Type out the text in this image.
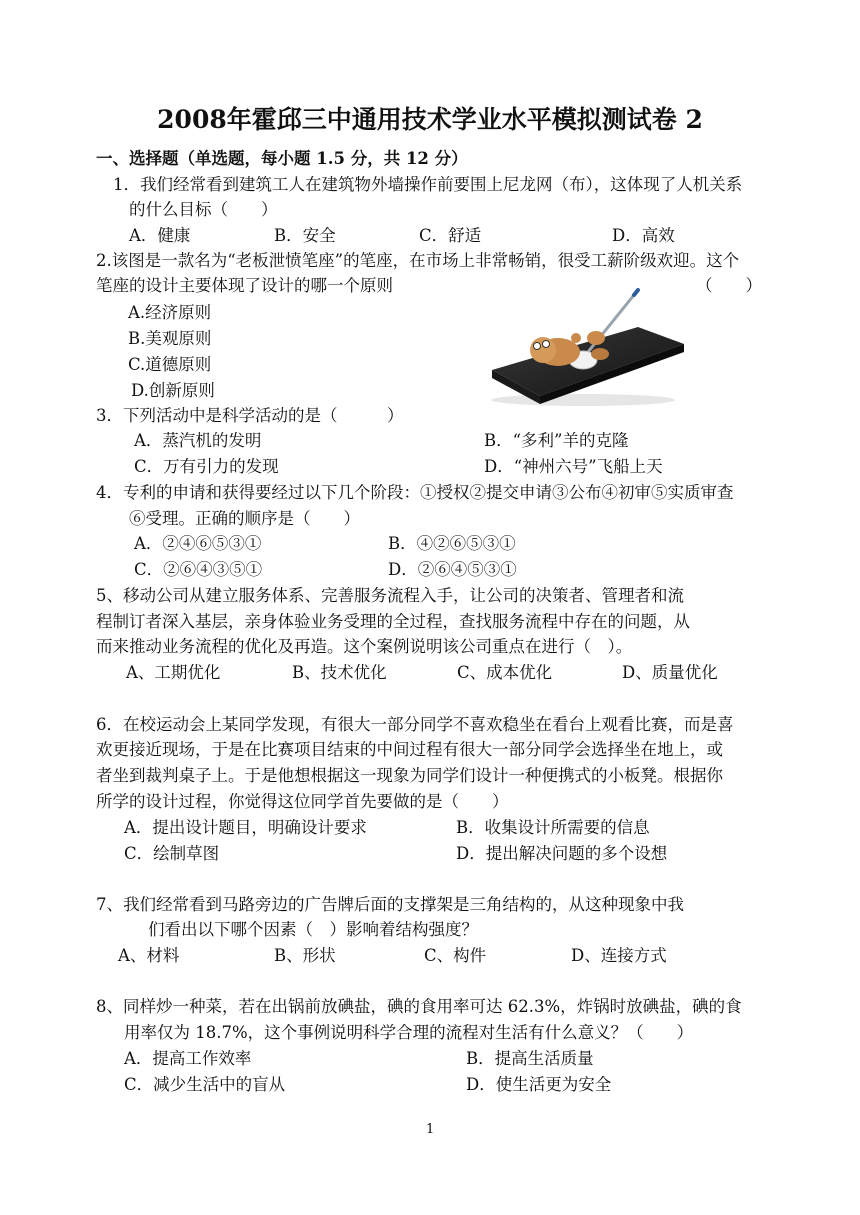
2008年霍邱三中通用技术学业水平模拟测试卷 2
一、选择题（单选题，每小题 1.5 分，共 12 分）
1．我们经常看到建筑工人在建筑物外墙操作前要围上尼龙网（布），这体现了人机关系
的什么目标（　　）
A．健康	B．安全	C．舒适	D．高效
2.该图是一款名为“老板泄愤笔座”的笔座，在市场上非常畅销，很受工薪阶级欢迎。这个
笔座的设计主要体现了设计的哪一个原则	（　　）
A.经济原则
B.美观原则
C.道德原则
D.创新原则
3．下列活动中是科学活动的是（　　　）
A．蒸汽机的发明	B．“多利”羊的克隆
C．万有引力的发现	D．“神州六号”飞船上天
4．专利的申请和获得要经过以下几个阶段：①授权②提交申请③公布④初审⑤实质审查
⑥受理。正确的顺序是（　　）
A．②④⑥⑤③①	B．④②⑥⑤③①
C．②⑥④③⑤①	D．②⑥④⑤③①
5、移动公司从建立服务体系、完善服务流程入手，让公司的决策者、管理者和流
程制订者深入基层，亲身体验业务受理的全过程，查找服务流程中存在的问题，从
而来推动业务流程的优化及再造。这个案例说明该公司重点在进行（　）。
A、工期优化	B、技术优化	C、成本优化	D、质量优化
6．在校运动会上某同学发现，有很大一部分同学不喜欢稳坐在看台上观看比赛，而是喜
欢更接近现场，于是在比赛项目结束的中间过程有很大一部分同学会选择坐在地上，或
者坐到裁判桌子上。于是他想根据这一现象为同学们设计一种便携式的小板凳。根据你
所学的设计过程，你觉得这位同学首先要做的是（　　）
A．提出设计题目，明确设计要求	B．收集设计所需要的信息
C．绘制草图	D．提出解决问题的多个设想
7、我们经常看到马路旁边的广告牌后面的支撑架是三角结构的，从这种现象中我
们看出以下哪个因素（　）影响着结构强度？
A、材料	B、形状	C、构件	D、连接方式
8、同样炒一种菜，若在出锅前放碘盐，碘的食用率可达 62.3%，炸锅时放碘盐，碘的食
用率仅为 18.7%，这个事例说明科学合理的流程对生活有什么意义？（　　）
A．提高工作效率	B．提高生活质量
C．减少生活中的盲从	D．使生活更为安全
1
